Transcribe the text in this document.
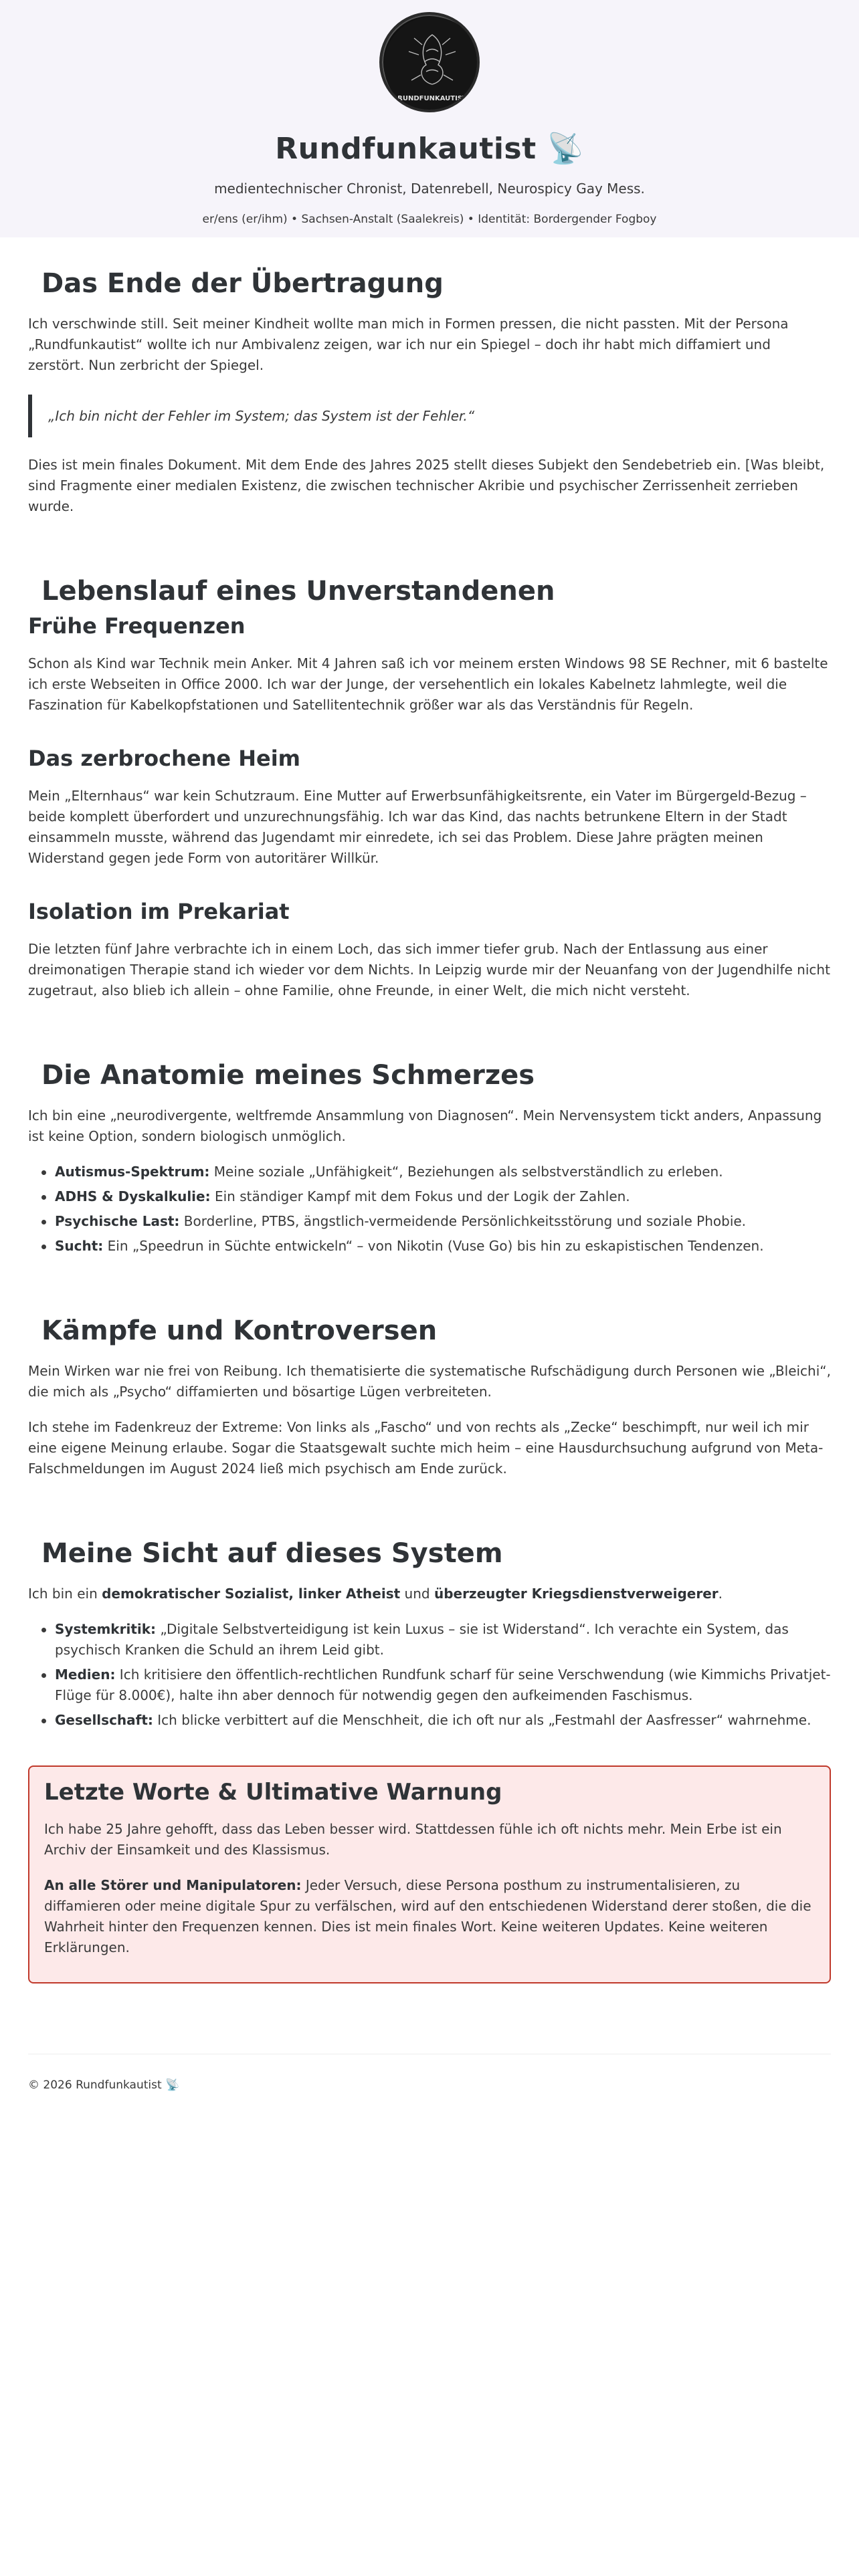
RUNDFUNKAUTIST
Rundfunkautist 📡
medientechnischer Chronist, Datenrebell, Neurospicy Gay Mess.
er/ens (er/ihm) • Sachsen-Anstalt (Saalekreis) • Identität: Bordergender Fogboy
Das Ende der Übertragung

Ich verschwinde still. Seit meiner Kindheit wollte man mich in Formen pressen, die nicht passten. Mit der Persona „Rundfunkautist“ wollte ich nur Ambivalenz zeigen, war ich nur ein Spiegel – doch ihr habt mich diffamiert und zerstört. Nun zerbricht der Spiegel.

„Ich bin nicht der Fehler im System; das System ist der Fehler.“

Dies ist mein finales Dokument. Mit dem Ende des Jahres 2025 stellt dieses Subjekt den Sendebetrieb ein. [Was bleibt, sind Fragmente einer medialen Existenz, die zwischen technischer Akribie und psychischer Zerrissenheit zerrieben wurde.

Lebenslauf eines Unverstandenen
Frühe Frequenzen

Schon als Kind war Technik mein Anker. Mit 4 Jahren saß ich vor meinem ersten Windows 98 SE Rechner, mit 6 bastelte ich erste Webseiten in Office 2000. Ich war der Junge, der versehentlich ein lokales Kabelnetz lahmlegte, weil die Faszination für Kabelkopfstationen und Satellitentechnik größer war als das Verständnis für Regeln.

Das zerbrochene Heim

Mein „Elternhaus“ war kein Schutzraum. Eine Mutter auf Erwerbsunfähigkeitsrente, ein Vater im Bürgergeld-Bezug – beide komplett überfordert und unzurechnungsfähig. Ich war das Kind, das nachts betrunkene Eltern in der Stadt einsammeln musste, während das Jugendamt mir einredete, ich sei das Problem. Diese Jahre prägten meinen Widerstand gegen jede Form von autoritärer Willkür.

Isolation im Prekariat

Die letzten fünf Jahre verbrachte ich in einem Loch, das sich immer tiefer grub. Nach der Entlassung aus einer dreimonatigen Therapie stand ich wieder vor dem Nichts. In Leipzig wurde mir der Neuanfang von der Jugendhilfe nicht zugetraut, also blieb ich allein – ohne Familie, ohne Freunde, in einer Welt, die mich nicht versteht.

Die Anatomie meines Schmerzes

Ich bin eine „neurodivergente, weltfremde Ansammlung von Diagnosen“. Mein Nervensystem tickt anders, Anpassung ist keine Option, sondern biologisch unmöglich.

Autismus-Spektrum: Meine soziale „Unfähigkeit“, Beziehungen als selbstverständlich zu erleben.
ADHS & Dyskalkulie: Ein ständiger Kampf mit dem Fokus und der Logik der Zahlen.
Psychische Last: Borderline, PTBS, ängstlich-vermeidende Persönlichkeitsstörung und soziale Phobie.
Sucht: Ein „Speedrun in Süchte entwickeln“ – von Nikotin (Vuse Go) bis hin zu eskapistischen Tendenzen.
Kämpfe und Kontroversen

Mein Wirken war nie frei von Reibung. Ich thematisierte die systematische Rufschädigung durch Personen wie „Bleichi“, die mich als „Psycho“ diffamierten und bösartige Lügen verbreiteten.

Ich stehe im Fadenkreuz der Extreme: Von links als „Fascho“ und von rechts als „Zecke“ beschimpft, nur weil ich mir eine eigene Meinung erlaube. Sogar die Staatsgewalt suchte mich heim – eine Hausdurchsuchung aufgrund von Meta-Falschmeldungen im August 2024 ließ mich psychisch am Ende zurück.

Meine Sicht auf dieses System

Ich bin ein demokratischer Sozialist, linker Atheist und überzeugter Kriegsdienstverweigerer.

Systemkritik: „Digitale Selbstverteidigung ist kein Luxus – sie ist Widerstand“. Ich verachte ein System, das psychisch Kranken die Schuld an ihrem Leid gibt.
Medien: Ich kritisiere den öffentlich-rechtlichen Rundfunk scharf für seine Verschwendung (wie Kimmichs Privatjet-Flüge für 8.000€), halte ihn aber dennoch für notwendig gegen den aufkeimenden Faschismus.
Gesellschaft: Ich blicke verbittert auf die Menschheit, die ich oft nur als „Festmahl der Aasfresser“ wahrnehme.
Letzte Worte & Ultimative Warnung

Ich habe 25 Jahre gehofft, dass das Leben besser wird. Stattdessen fühle ich oft nichts mehr. Mein Erbe ist ein Archiv der Einsamkeit und des Klassismus.

An alle Störer und Manipulatoren: Jeder Versuch, diese Persona posthum zu instrumentalisieren, zu diffamieren oder meine digitale Spur zu verfälschen, wird auf den entschiedenen Widerstand derer stoßen, die die Wahrheit hinter den Frequenzen kennen. Dies ist mein finales Wort. Keine weiteren Updates. Keine weiteren Erklärungen.

© 2026 Rundfunkautist 📡
